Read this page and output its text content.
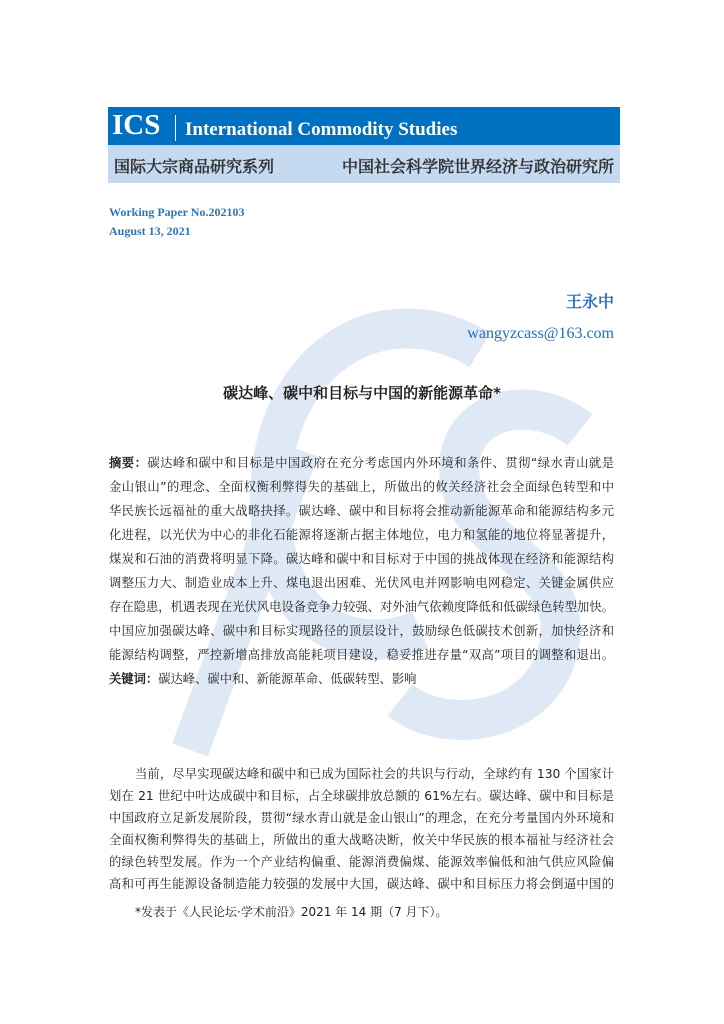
ICS International Commodity Studies
国际大宗商品研究系列	中国社会科学院世界经济与政治研究所
Working Paper No.202103
August 13, 2021
王永中
wangyzcass@163.com
碳达峰、碳中和目标与中国的新能源革命*
摘要：碳达峰和碳中和目标是中国政府在充分考虑国内外环境和条件、贯彻“绿水青山就是
金山银山”的理念、全面权衡利弊得失的基础上，所做出的攸关经济社会全面绿色转型和中
华民族长远福祉的重大战略抉择。碳达峰、碳中和目标将会推动新能源革命和能源结构多元
化进程，以光伏为中心的非化石能源将逐渐占据主体地位，电力和氢能的地位将显著提升，
煤炭和石油的消费将明显下降。碳达峰和碳中和目标对于中国的挑战体现在经济和能源结构
调整压力大、制造业成本上升、煤电退出困难、光伏风电并网影响电网稳定、关键金属供应
存在隐患，机遇表现在光伏风电设备竞争力较强、对外油气依赖度降低和低碳绿色转型加快。
中国应加强碳达峰、碳中和目标实现路径的顶层设计，鼓励绿色低碳技术创新，加快经济和
能源结构调整，严控新增高排放高能耗项目建设，稳妥推进存量“双高”项目的调整和退出。
关键词：碳达峰、碳中和、新能源革命、低碳转型、影响
当前，尽早实现碳达峰和碳中和已成为国际社会的共识与行动，全球约有 130 个国家计
划在 21 世纪中叶达成碳中和目标，占全球碳排放总额的 61%左右。碳达峰、碳中和目标是
中国政府立足新发展阶段，贯彻“绿水青山就是金山银山”的理念，在充分考量国内外环境和
全面权衡利弊得失的基础上，所做出的重大战略决断，攸关中华民族的根本福祉与经济社会
的绿色转型发展。作为一个产业结构偏重、能源消费偏煤、能源效率偏低和油气供应风险偏
高和可再生能源设备制造能力较强的发展中大国，碳达峰、碳中和目标压力将会倒逼中国的
*发表于《人民论坛·学术前沿》2021 年 14 期（7 月下）。
